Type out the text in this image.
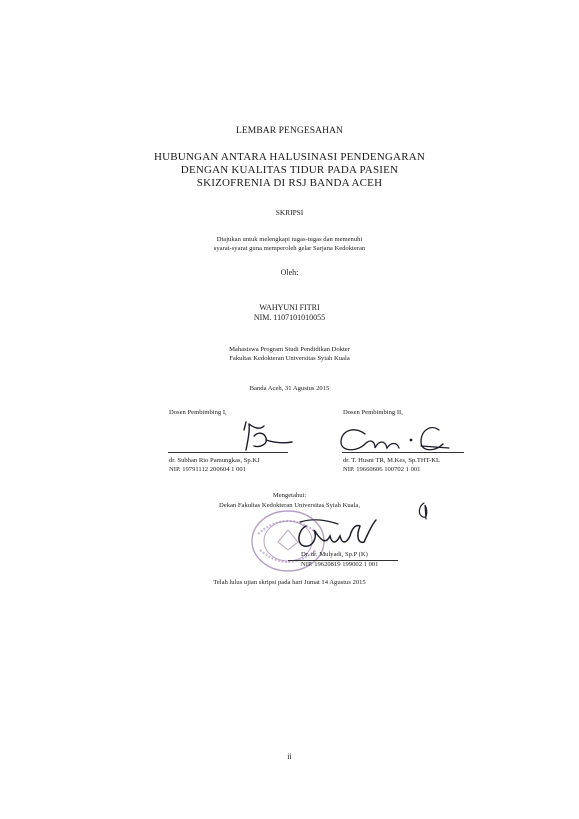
LEMBAR PENGESAHAN
HUBUNGAN ANTARA HALUSINASI PENDENGARAN
DENGAN KUALITAS TIDUR PADA PASIEN
SKIZOFRENIA DI RSJ BANDA ACEH
SKRIPSI
Diajukan untuk melengkapi tugas-tugas dan memenuhi
syarat-syarat guna memperoleh gelar Sarjana Kedokteran
Oleh:
WAHYUNI FITRI
NIM. 1107101010055
Mahasiswa Program Studi Pendidikan Dokter
Fakultas Kedokteran Universitas Syiah Kuala
Banda Aceh, 31 Agustus 2015
Dosen Pembimbing I,
dr. Subhan Rio Pamungkas, Sp.KJ
NIP. 19791112 200604 1 001
Dosen Pembimbing II,
dr. T. Husni TR, M.Kes, Sp.THT-KL
NIP. 19660606 100702 1 001
Mengetahui:
Dekan Fakultas Kedokteran Universitas Syiah Kuala,
Dr. dr. Mulyadi, Sp.P (K)
NIP. 19620819 199002 1 001
Telah lulus ujian skripsi pada hari Jumat 14 Agustus 2015
ii
